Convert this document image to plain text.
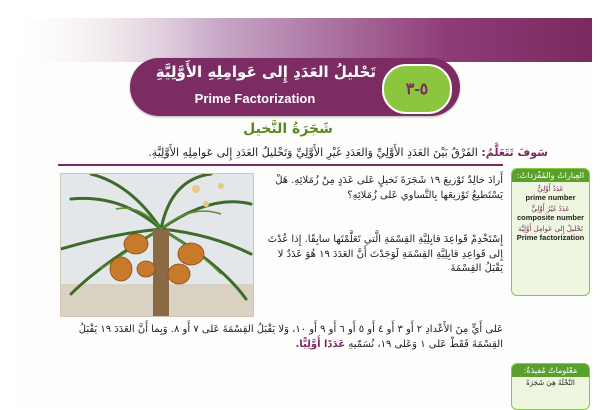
تَحْليلُ العَدَدِ إِلى عَوامِلِهِ الأَوَّلِيَّةِ
Prime Factorization
٥-٣
شَجَرَةُ النَّخيل
سَوفَ تَتَعَلَّمُ: الفَرْقُ بَيْنَ العَدَدِ الأَوَّلِيِّ وَالعَدَدِ غَيْرِ الأَوَّلِيِّ وَتَحْليلُ العَدَدِ إِلى عَوامِلِهِ الأَوَّلِيَّةِ.
العِباراتُ والمُفْرَداتُ:
عَدَدٌ أَوَّلِيٌّ
prime number
عَدَدٌ غَيْرُ أَوَّلِيٍّ
composite number
تَحْليلٌ إِلى عَوامِل أَوَّلِيَّة
Prime factorization
أَرادَ خالِدٌ تَوْزيعَ ١٩ شَجَرَةَ نَخيلٍ عَلى عَدَدٍ مِنْ زُمَلائِهِ. هَلْ يَسْتَطيعُ تَوْزيعَها بِالتَّساوي عَلى زُمَلائِهِ؟
إِسْتَخْدِمْ قَواعِدَ قابِلِيَّةِ القِسْمَةِ الَّتي تَعَلَّمْتَها سابِقًا. إِذا عُدْتَ إِلى قَواعِدِ قابِلِيَّةِ القِسْمَةِ لَوَجَدْتَ أَنَّ العَدَدَ ١٩ هُوَ عَدَدٌ لا يَقْبَلُ القِسْمَةَ
عَلى أَيٍّ مِنَ الأَعْدادِ ٢ أَو ٣ أَو ٤ أَو ٥ أَو ٦ أَو ٩ أَو ١٠، وَلا يَقْبَلُ القِسْمَةَ عَلى ٧ أَو ٨. وَبِما أَنَّ العَدَدَ ١٩ يَقْبَلُ القِسْمَةَ فَقَطْ عَلى ١ وَعَلى ١٩، نُسَمّيهِ عَدَدًا أَوَّلِيًّا.
مَعْلوماتٌ مُفيدَةٌ:
النَّخْلَةُ هِيَ شَجَرَةٌ
